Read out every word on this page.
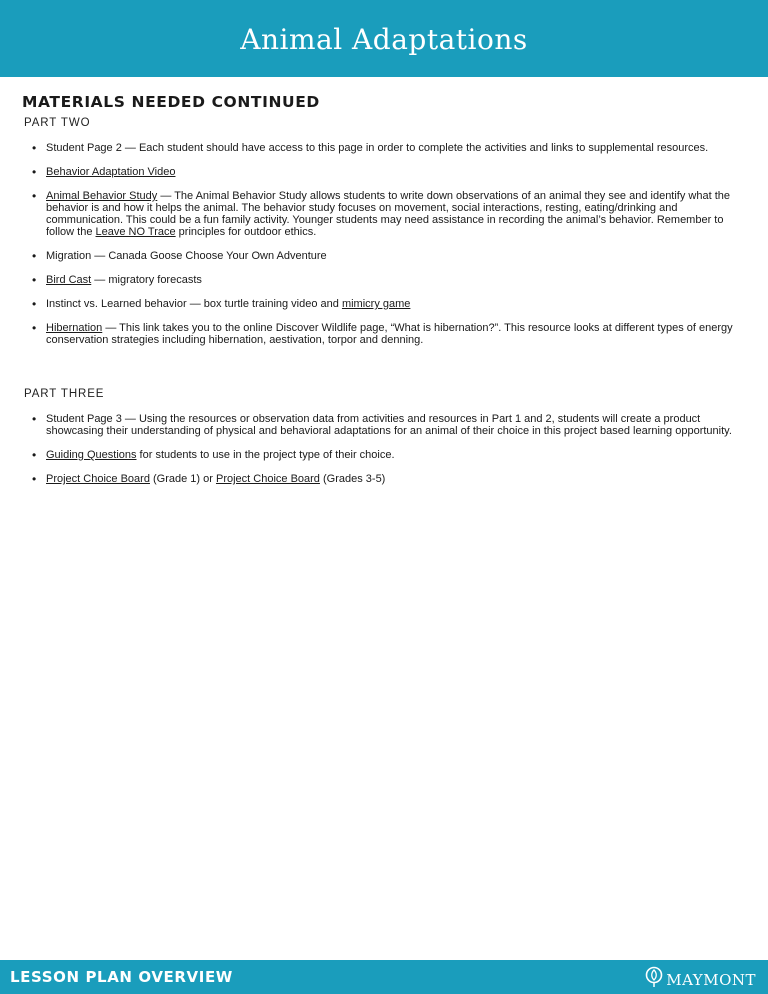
Animal Adaptations
MATERIALS NEEDED CONTINUED
PART TWO
• Student Page 2 — Each student should have access to this page in order to complete the activities and links to supplemental resources.
• Behavior Adaptation Video
• Animal Behavior Study — The Animal Behavior Study allows students to write down observations of an animal they see and identify what the behavior is and how it helps the animal. The behavior study focuses on movement, social interactions, resting, eating/drinking and communication. This could be a fun family activity. Younger students may need assistance in recording the animal’s behavior. Remember to follow the Leave NO Trace principles for outdoor ethics.
• Migration — Canada Goose Choose Your Own Adventure
• Bird Cast — migratory forecasts
• Instinct vs. Learned behavior — box turtle training video and mimicry game
• Hibernation — This link takes you to the online Discover Wildlife page, “What is hibernation?”. This resource looks at different types of energy conservation strategies including hibernation, aestivation, torpor and denning.
PART THREE
• Student Page 3 — Using the resources or observation data from activities and resources in Part 1 and 2, students will create a product showcasing their understanding of physical and behavioral adaptations for an animal of their choice in this project based learning opportunity.
• Guiding Questions for students to use in the project type of their choice.
• Project Choice Board (Grade 1) or Project Choice Board (Grades 3-5)
LESSON PLAN OVERVIEW	MAYMONT
